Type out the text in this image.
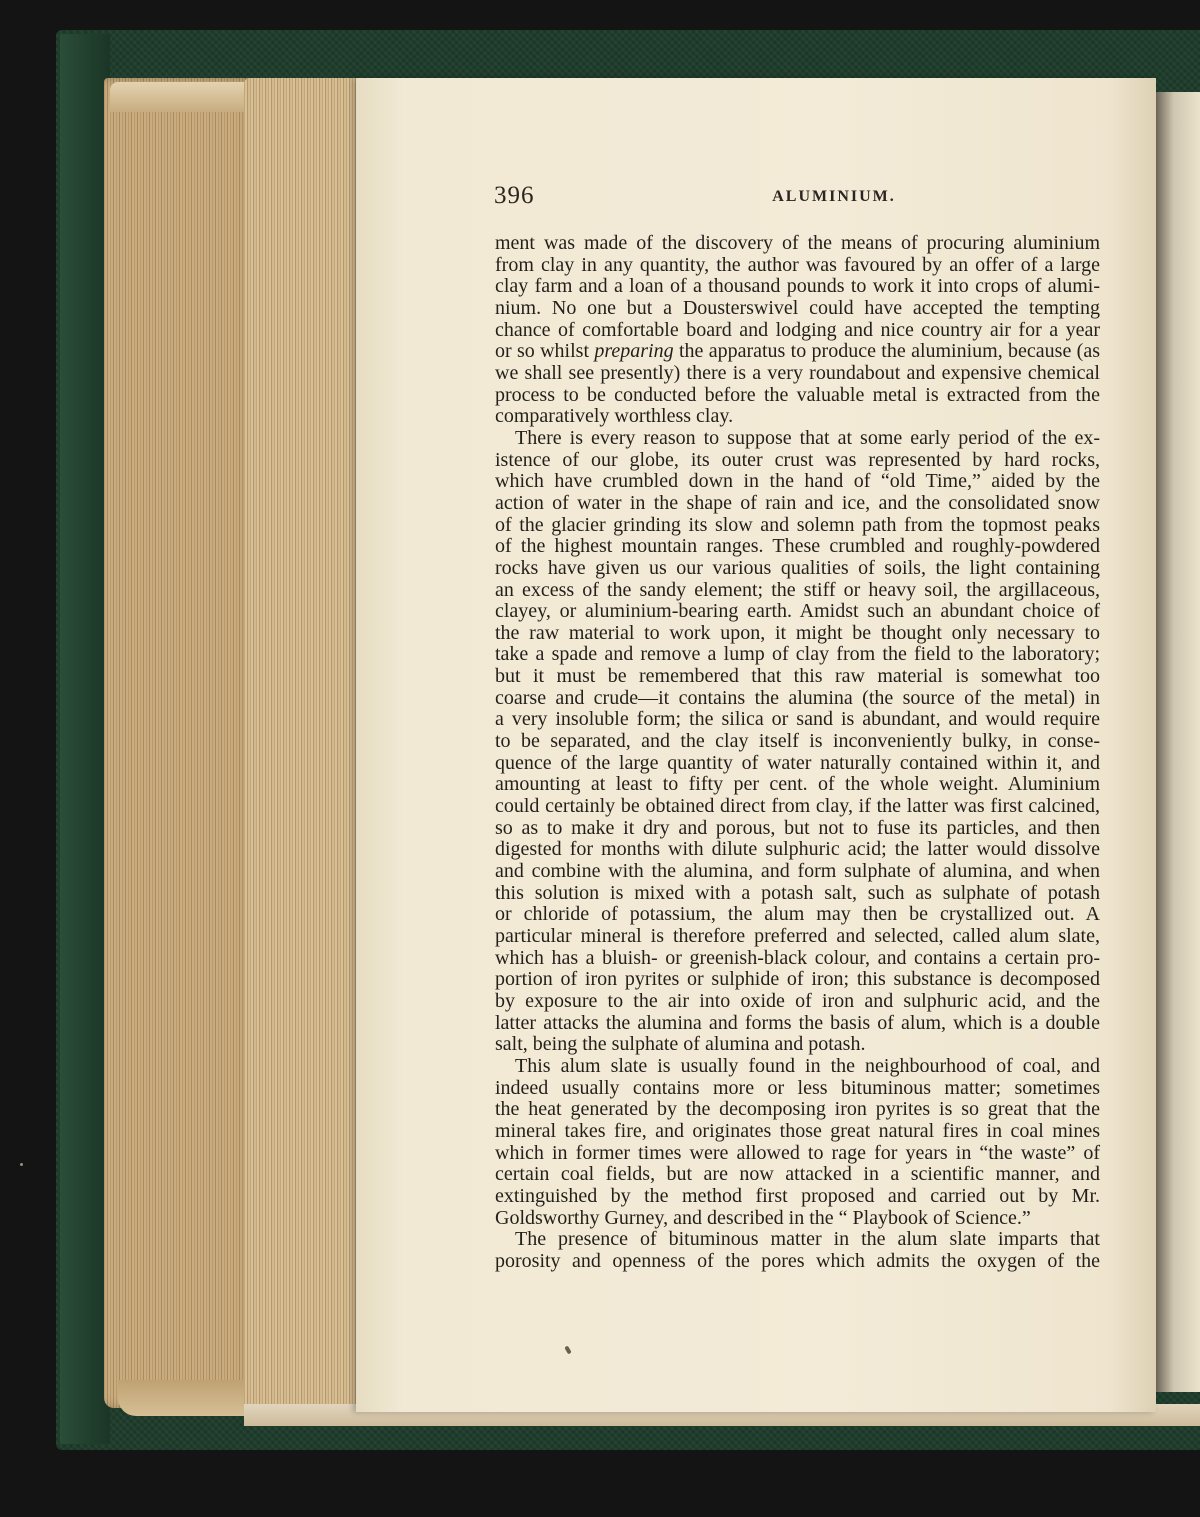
396	ALUMINIUM.
ment was made of the discovery of the means of procuring aluminium
from clay in any quantity, the author was favoured by an offer of a large
clay farm and a loan of a thousand pounds to work it into crops of alumi-
nium. No one but a Dousterswivel could have accepted the tempting
chance of comfortable board and lodging and nice country air for a year
or so whilst preparing the apparatus to produce the aluminium, because (as
we shall see presently) there is a very roundabout and expensive chemical
process to be conducted before the valuable metal is extracted from the
comparatively worthless clay.
There is every reason to suppose that at some early period of the ex-
istence of our globe, its outer crust was represented by hard rocks,
which have crumbled down in the hand of “old Time,” aided by the
action of water in the shape of rain and ice, and the consolidated snow
of the glacier grinding its slow and solemn path from the topmost peaks
of the highest mountain ranges. These crumbled and roughly-powdered
rocks have given us our various qualities of soils, the light containing
an excess of the sandy element; the stiff or heavy soil, the argillaceous,
clayey, or aluminium-bearing earth. Amidst such an abundant choice of
the raw material to work upon, it might be thought only necessary to
take a spade and remove a lump of clay from the field to the laboratory;
but it must be remembered that this raw material is somewhat too
coarse and crude—it contains the alumina (the source of the metal) in
a very insoluble form; the silica or sand is abundant, and would require
to be separated, and the clay itself is inconveniently bulky, in conse-
quence of the large quantity of water naturally contained within it, and
amounting at least to fifty per cent. of the whole weight. Aluminium
could certainly be obtained direct from clay, if the latter was first calcined,
so as to make it dry and porous, but not to fuse its particles, and then
digested for months with dilute sulphuric acid; the latter would dissolve
and combine with the alumina, and form sulphate of alumina, and when
this solution is mixed with a potash salt, such as sulphate of potash
or chloride of potassium, the alum may then be crystallized out. A
particular mineral is therefore preferred and selected, called alum slate,
which has a bluish- or greenish-black colour, and contains a certain pro-
portion of iron pyrites or sulphide of iron; this substance is decomposed
by exposure to the air into oxide of iron and sulphuric acid, and the
latter attacks the alumina and forms the basis of alum, which is a double
salt, being the sulphate of alumina and potash.
This alum slate is usually found in the neighbourhood of coal, and
indeed usually contains more or less bituminous matter; sometimes
the heat generated by the decomposing iron pyrites is so great that the
mineral takes fire, and originates those great natural fires in coal mines
which in former times were allowed to rage for years in “the waste” of
certain coal fields, but are now attacked in a scientific manner, and
extinguished by the method first proposed and carried out by Mr.
Goldsworthy Gurney, and described in the “ Playbook of Science.”
The presence of bituminous matter in the alum slate imparts that
porosity and openness of the pores which admits the oxygen of the
